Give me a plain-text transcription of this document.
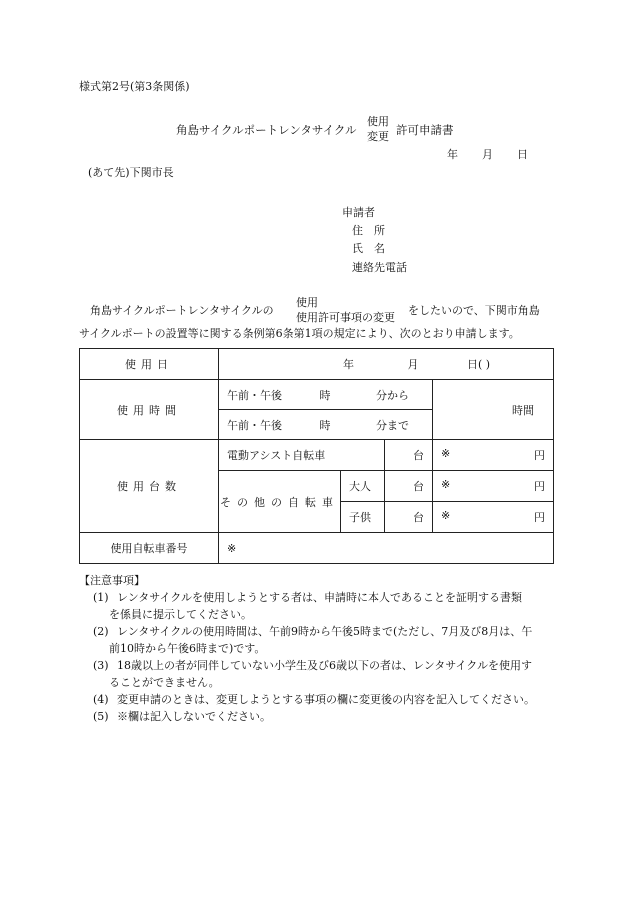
様式第2号(第3条関係)
角島サイクルポートレンタサイクル
使用
変更 許可申請書
年 月 日
(あて先)下関市長
申請者
住　所
氏　名
連絡先電話
角島サイクルポートレンタサイクルの
使用
使用許可事項の変更
をしたいので、下関市角島
サイクルポートの設置等に関する条例第6条第1項の規定により、次のとおり申請します。
使用日	年 月 日( )			
使用時間	午前・午後 時 分から			時間
	午前・午後 時 分まで			
使用台数	電動アシスト自転車		台	※ 円

	その他の自転車	大人	台	※ 円

		子供	台	※ 円

使用自転車番号	※			
【注意事項】
(1) レンタサイクルを使用しようとする者は、申請時に本人であることを証明する書類
を係員に提示してください。
(2) レンタサイクルの使用時間は、午前9時から午後5時まで(ただし、7月及び8月は、午
前10時から午後6時まで)です。
(3) 18歳以上の者が同伴していない小学生及び6歳以下の者は、レンタサイクルを使用す
ることができません。
(4) 変更申請のときは、変更しようとする事項の欄に変更後の内容を記入してください。
(5) ※欄は記入しないでください。
